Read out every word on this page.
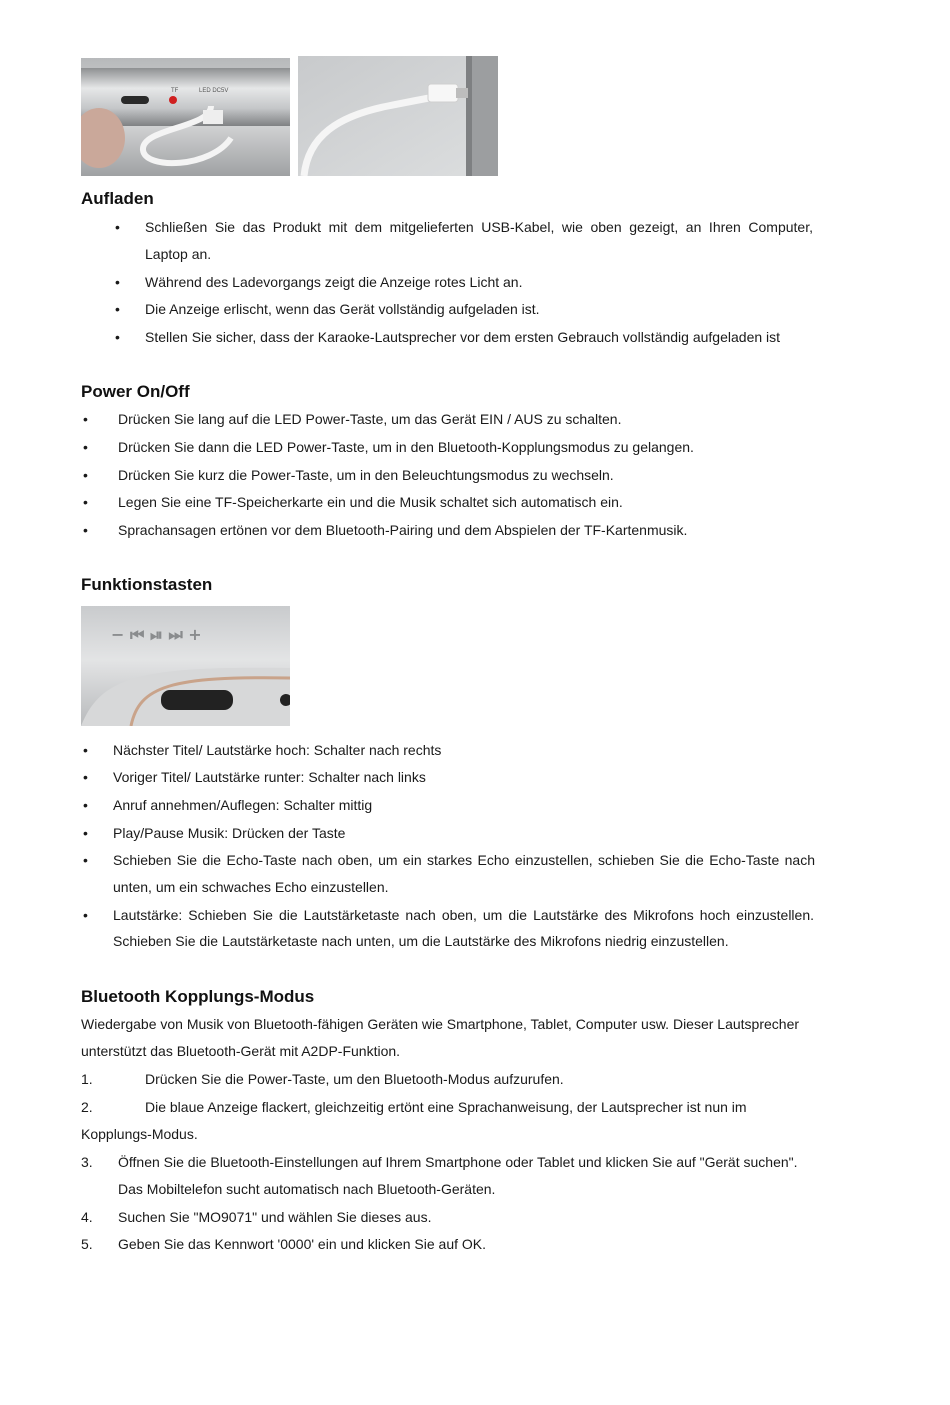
LED DC5V
TF
Aufladen
• Schließen Sie das Produkt mit dem mitgelieferten USB-Kabel, wie oben gezeigt, an Ihren Computer,
Laptop an.
• Während des Ladevorgangs zeigt die Anzeige rotes Licht an.
• Die Anzeige erlischt, wenn das Gerät vollständig aufgeladen ist.
• Stellen Sie sicher, dass der Karaoke-Lautsprecher vor dem ersten Gebrauch vollständig aufgeladen ist
Power On/Off
• Drücken Sie lang auf die LED Power-Taste, um das Gerät EIN / AUS zu schalten.
• Drücken Sie dann die LED Power-Taste, um in den Bluetooth-Kopplungsmodus zu gelangen.
• Drücken Sie kurz die Power-Taste, um in den Beleuchtungsmodus zu wechseln.
• Legen Sie eine TF-Speicherkarte ein und die Musik schaltet sich automatisch ein.
• Sprachansagen ertönen vor dem Bluetooth-Pairing und dem Abspielen der TF-Kartenmusik.
Funktionstasten
− ⏮ ⏯ ⏭ +
• Nächster Titel/ Lautstärke hoch: Schalter nach rechts
• Voriger Titel/ Lautstärke runter: Schalter nach links
• Anruf annehmen/Auflegen: Schalter mittig
• Play/Pause Musik: Drücken der Taste
• Schieben Sie die Echo-Taste nach oben, um ein starkes Echo einzustellen, schieben Sie die Echo-Taste nach
unten, um ein schwaches Echo einzustellen.
• Lautstärke: Schieben Sie die Lautstärketaste nach oben, um die Lautstärke des Mikrofons hoch einzustellen.
Schieben Sie die Lautstärketaste nach unten, um die Lautstärke des Mikrofons niedrig einzustellen.
Bluetooth Kopplungs-Modus
Wiedergabe von Musik von Bluetooth-fähigen Geräten wie Smartphone, Tablet, Computer usw. Dieser Lautsprecher
unterstützt das Bluetooth-Gerät mit A2DP-Funktion.
1.	Drücken Sie die Power-Taste, um den Bluetooth-Modus aufzurufen.
2.	Die blaue Anzeige flackert, gleichzeitig ertönt eine Sprachanweisung, der Lautsprecher ist nun im
Kopplungs-Modus.
3. Öffnen Sie die Bluetooth-Einstellungen auf Ihrem Smartphone oder Tablet und klicken Sie auf "Gerät suchen".
Das Mobiltelefon sucht automatisch nach Bluetooth-Geräten.
4. Suchen Sie "MO9071" und wählen Sie dieses aus.
5. Geben Sie das Kennwort '0000' ein und klicken Sie auf OK.
